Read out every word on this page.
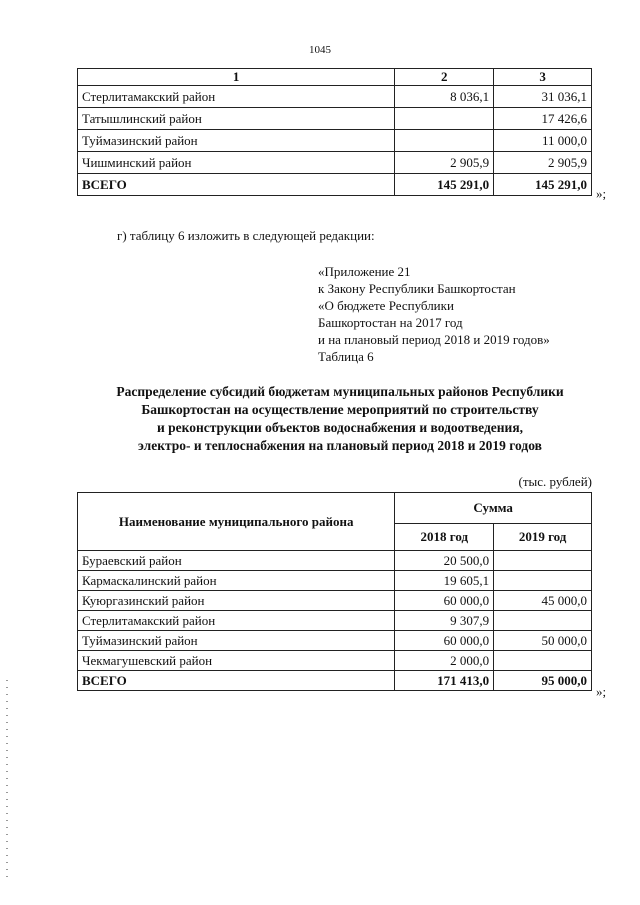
1045
1	2	3
Стерлитамакский район	8 036,1	31 036,1
Татышлинский район		17 426,6
Туймазинский район		11 000,0
Чишминский район	2 905,9	2 905,9
ВСЕГО	145 291,0	145 291,0
»;
г) таблицу 6 изложить в следующей редакции:
«Приложение 21
к Закону Республики Башкортостан
«О бюджете Республики
Башкортостан на 2017 год
и на плановый период 2018 и 2019 годов»
Таблица 6
Распределение субсидий бюджетам муниципальных районов Республики
Башкортостан на осуществление мероприятий по строительству
и реконструкции объектов водоснабжения и водоотведения,
электро- и теплоснабжения на плановый период 2018 и 2019 годов
(тыс. рублей)
Наименование муниципального района	Сумма	
	2018 год	2019 год
Бураевский район	20 500,0	
Кармаскалинский район	19 605,1	
Куюргазинский район	60 000,0	45 000,0
Стерлитамакский район	9 307,9	
Туймазинский район	60 000,0	50 000,0
Чекмагушевский район	2 000,0	
ВСЕГО	171 413,0	95 000,0
»;
